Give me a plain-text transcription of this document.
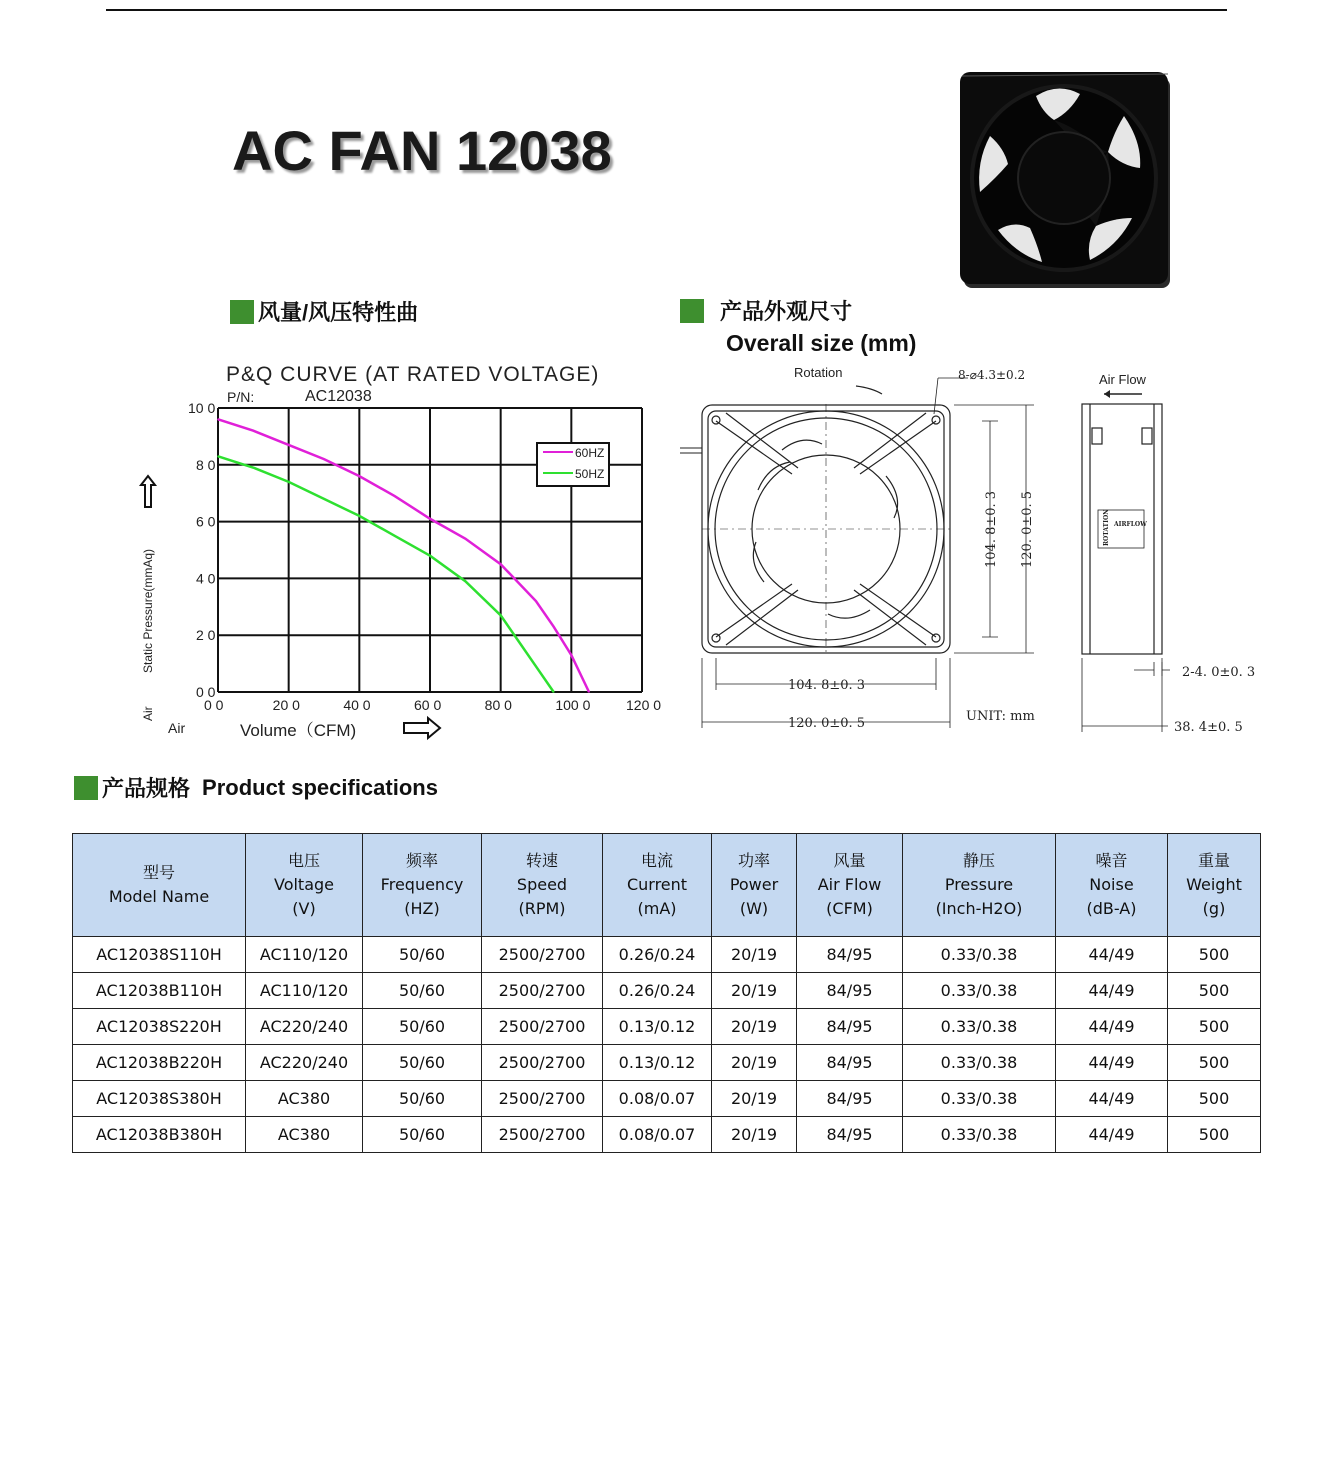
AC FAN 12038
风量/风压特性曲	产品外观尺寸
Overall size (mm)
P&Q CURVE (AT RATED VOLTAGE)
P/N:	AC12038
0 0	20 0	40 0	60 0	80 0	100 0	120 0
0 0
2 0
4 0
6 0
8 0
10 0
60HZ
50HZ
Static Pressure(mmAq)
Air
Air	Volume（CFM)
Rotation	8-⌀4.3±0.2
104. 8±0. 3 120. 0±0. 5
104. 8±0. 3
120. 0±0. 5	UNIT: mm
Air Flow
ROTATION AIRFLOW
2-4. 0±0. 3
38. 4±0. 5
产品规格 Product specifications
型号
Model Name	电压
Voltage
(V)	频率
Frequency
(HZ)	转速
Speed
(RPM)	电流
Current
(mA)	功率
Power
(W)	风量
Air Flow
(CFM)	静压
Pressure
(Inch-H2O)	噪音
Noise
(dB-A)	重量
Weight
(g)

AC12038S110H	AC110/120	50/60	2500/2700	0.26/0.24	20/19	84/95	0.33/0.38	44/49	500
AC12038B110H	AC110/120	50/60	2500/2700	0.26/0.24	20/19	84/95	0.33/0.38	44/49	500
AC12038S220H	AC220/240	50/60	2500/2700	0.13/0.12	20/19	84/95	0.33/0.38	44/49	500
AC12038B220H	AC220/240	50/60	2500/2700	0.13/0.12	20/19	84/95	0.33/0.38	44/49	500
AC12038S380H	AC380	50/60	2500/2700	0.08/0.07	20/19	84/95	0.33/0.38	44/49	500
AC12038B380H	AC380	50/60	2500/2700	0.08/0.07	20/19	84/95	0.33/0.38	44/49	500
